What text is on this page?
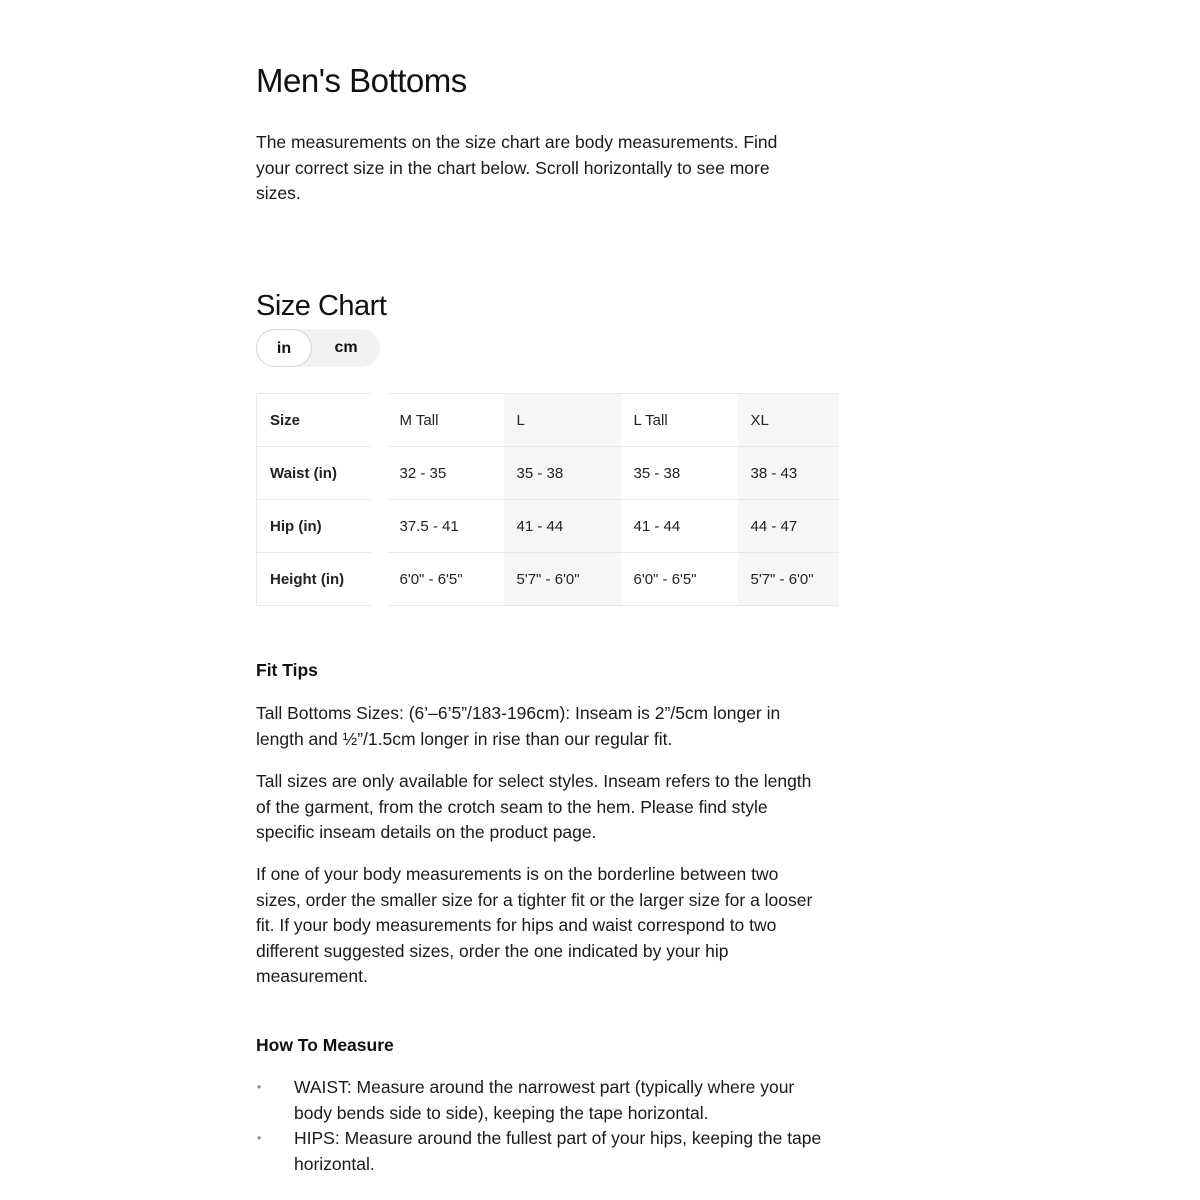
Men's Bottoms

The measurements on the size chart are body measurements. Find your correct size in the chart below. Scroll horizontally to see more sizes.

Size Chart
in	cm
Size		M Tall	L	L Tall	XL
Waist (in)		32 - 35	35 - 38	35 - 38	38 - 43
Hip (in)		37.5 - 41	41 - 44	41 - 44	44 - 47
Height (in)		6'0" - 6'5"	5'7" - 6'0"	6'0" - 6'5"	5'7" - 6'0"
Fit Tips

Tall Bottoms Sizes: (6’–6’5”/183-196cm): Inseam is 2”/5cm longer in length and ½”/1.5cm longer in rise than our regular fit.

Tall sizes are only available for select styles. Inseam refers to the length of the garment, from the crotch seam to the hem. Please find style specific inseam details on the product page.

If one of your body measurements is on the borderline between two sizes, order the smaller size for a tighter fit or the larger size for a looser fit. If your body measurements for hips and waist correspond to two different suggested sizes, order the one indicated by your hip measurement.

How To Measure
• WAIST: Measure around the narrowest part (typically where your body bends side to side), keeping the tape horizontal.
• HIPS: Measure around the fullest part of your hips, keeping the tape horizontal.
